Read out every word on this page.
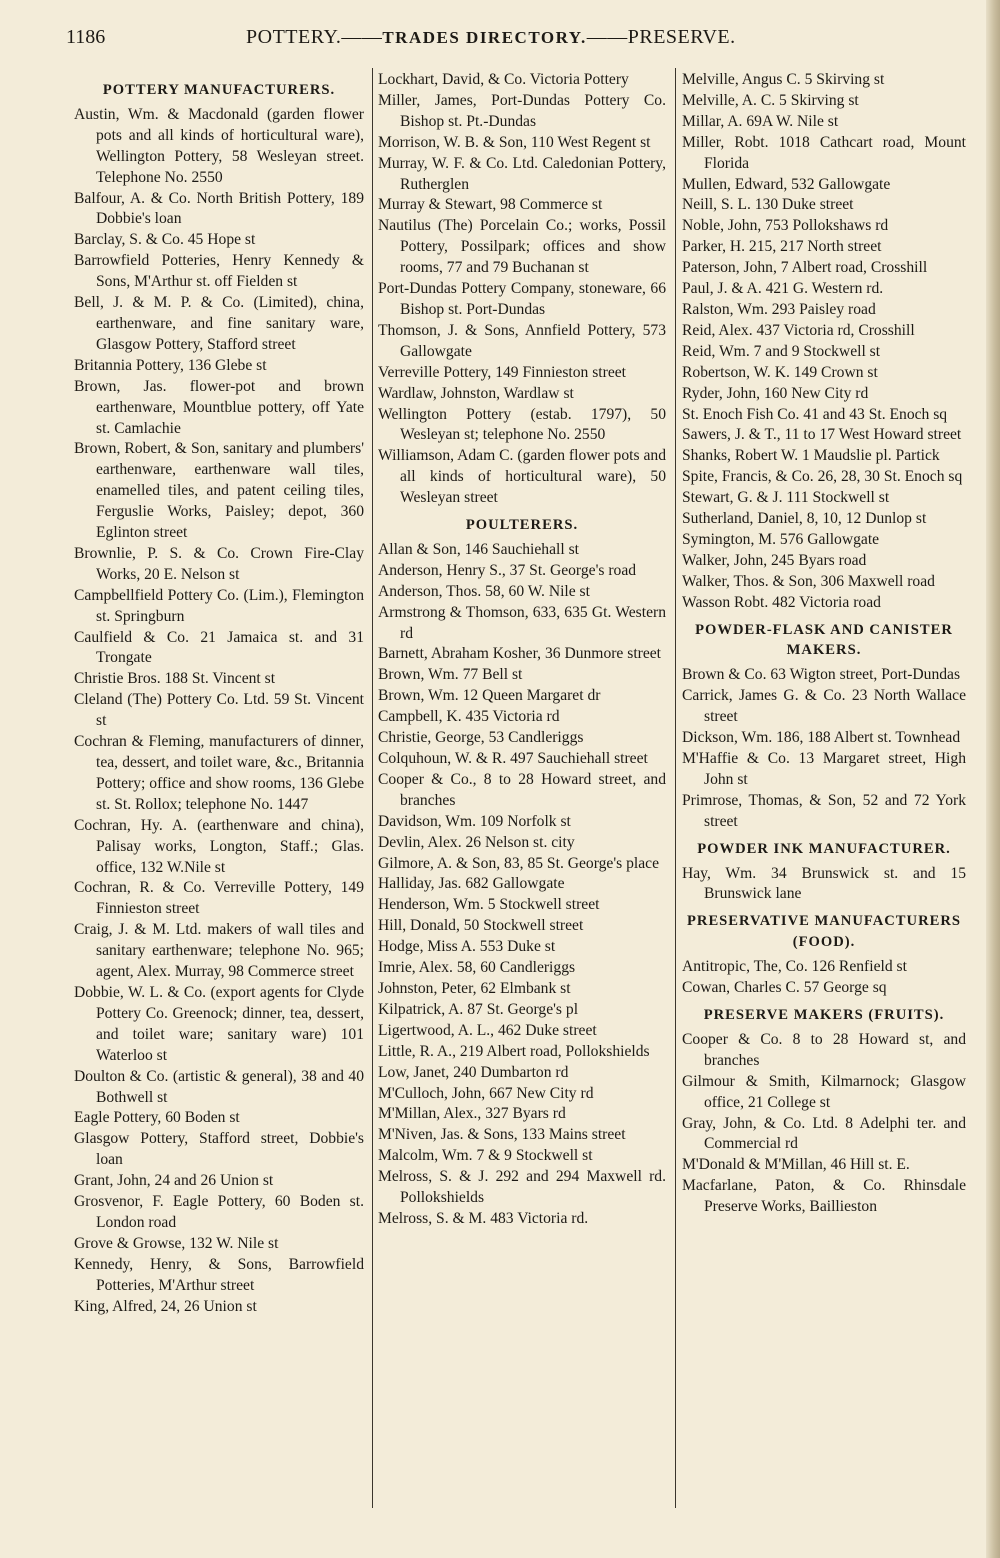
1186	POTTERY.——TRADES DIRECTORY.——PRESERVE.
POTTERY MANUFACTURERS.
Austin, Wm. & Macdonald (garden flower pots and all kinds of horticultural ware), Wellington Pottery, 58 Wesleyan street. Telephone No. 2550
Balfour, A. & Co. North British Pottery, 189 Dobbie's loan
Barclay, S. & Co. 45 Hope st
Barrowfield Potteries, Henry Kennedy & Sons, M'Arthur st. off Fielden st
Bell, J. & M. P. & Co. (Limited), china, earthenware, and fine sanitary ware, Glasgow Pottery, Stafford street
Britannia Pottery, 136 Glebe st
Brown, Jas. flower-pot and brown earthenware, Mountblue pottery, off Yate st. Camlachie
Brown, Robert, & Son, sanitary and plumbers' earthenware, earthenware wall tiles, enamelled tiles, and patent ceiling tiles, Ferguslie Works, Paisley; depot, 360 Eglinton street
Brownlie, P. S. & Co. Crown Fire-Clay Works, 20 E. Nelson st
Campbellfield Pottery Co. (Lim.), Flemington st. Springburn
Caulfield & Co. 21 Jamaica st. and 31 Trongate
Christie Bros. 188 St. Vincent st
Cleland (The) Pottery Co. Ltd. 59 St. Vincent st
Cochran & Fleming, manufacturers of dinner, tea, dessert, and toilet ware, &c., Britannia Pottery; office and show rooms, 136 Glebe st. St. Rollox; telephone No. 1447
Cochran, Hy. A. (earthenware and china), Palisay works, Longton, Staff.; Glas. office, 132 W.Nile st
Cochran, R. & Co. Verreville Pottery, 149 Finnieston street
Craig, J. & M. Ltd. makers of wall tiles and sanitary earthenware; telephone No. 965; agent, Alex. Murray, 98 Commerce street
Dobbie, W. L. & Co. (export agents for Clyde Pottery Co. Greenock; dinner, tea, dessert, and toilet ware; sanitary ware) 101 Waterloo st
Doulton & Co. (artistic & general), 38 and 40 Bothwell st
Eagle Pottery, 60 Boden st
Glasgow Pottery, Stafford street, Dobbie's loan
Grant, John, 24 and 26 Union st
Grosvenor, F. Eagle Pottery, 60 Boden st. London road
Grove & Growse, 132 W. Nile st
Kennedy, Henry, & Sons, Barrowfield Potteries, M'Arthur street
King, Alfred, 24, 26 Union st
Lockhart, David, & Co. Victoria Pottery
Miller, James, Port-Dundas Pottery Co. Bishop st. Pt.-Dundas
Morrison, W. B. & Son, 110 West Regent st
Murray, W. F. & Co. Ltd. Caledonian Pottery, Rutherglen
Murray & Stewart, 98 Commerce st
Nautilus (The) Porcelain Co.; works, Possil Pottery, Possilpark; offices and show rooms, 77 and 79 Buchanan st
Port-Dundas Pottery Company, stoneware, 66 Bishop st. Port-Dundas
Thomson, J. & Sons, Annfield Pottery, 573 Gallowgate
Verreville Pottery, 149 Finnieston street
Wardlaw, Johnston, Wardlaw st
Wellington Pottery (estab. 1797), 50 Wesleyan st; telephone No. 2550
Williamson, Adam C. (garden flower pots and all kinds of horticultural ware), 50 Wesleyan street
POULTERERS.
Allan & Son, 146 Sauchiehall st
Anderson, Henry S., 37 St. George's road
Anderson, Thos. 58, 60 W. Nile st
Armstrong & Thomson, 633, 635 Gt. Western rd
Barnett, Abraham Kosher, 36 Dunmore street
Brown, Wm. 77 Bell st
Brown, Wm. 12 Queen Margaret dr
Campbell, K. 435 Victoria rd
Christie, George, 53 Candleriggs
Colquhoun, W. & R. 497 Sauchiehall street
Cooper & Co., 8 to 28 Howard street, and branches
Davidson, Wm. 109 Norfolk st
Devlin, Alex. 26 Nelson st. city
Gilmore, A. & Son, 83, 85 St. George's place
Halliday, Jas. 682 Gallowgate
Henderson, Wm. 5 Stockwell street
Hill, Donald, 50 Stockwell street
Hodge, Miss A. 553 Duke st
Imrie, Alex. 58, 60 Candleriggs
Johnston, Peter, 62 Elmbank st
Kilpatrick, A. 87 St. George's pl
Ligertwood, A. L., 462 Duke street
Little, R. A., 219 Albert road, Pollokshields
Low, Janet, 240 Dumbarton rd
M'Culloch, John, 667 New City rd
M'Millan, Alex., 327 Byars rd
M'Niven, Jas. & Sons, 133 Mains street
Malcolm, Wm. 7 & 9 Stockwell st
Melross, S. & J. 292 and 294 Maxwell rd. Pollokshields
Melross, S. & M. 483 Victoria rd.
Melville, Angus C. 5 Skirving st
Melville, A. C. 5 Skirving st
Millar, A. 69A W. Nile st
Miller, Robt. 1018 Cathcart road, Mount Florida
Mullen, Edward, 532 Gallowgate
Neill, S. L. 130 Duke street
Noble, John, 753 Pollokshaws rd
Parker, H. 215, 217 North street
Paterson, John, 7 Albert road, Crosshill
Paul, J. & A. 421 G. Western rd.
Ralston, Wm. 293 Paisley road
Reid, Alex. 437 Victoria rd, Crosshill
Reid, Wm. 7 and 9 Stockwell st
Robertson, W. K. 149 Crown st
Ryder, John, 160 New City rd
St. Enoch Fish Co. 41 and 43 St. Enoch sq
Sawers, J. & T., 11 to 17 West Howard street
Shanks, Robert W. 1 Maudslie pl. Partick
Spite, Francis, & Co. 26, 28, 30 St. Enoch sq
Stewart, G. & J. 111 Stockwell st
Sutherland, Daniel, 8, 10, 12 Dunlop st
Symington, M. 576 Gallowgate
Walker, John, 245 Byars road
Walker, Thos. & Son, 306 Maxwell road
Wasson Robt. 482 Victoria road
POWDER-FLASK AND CANISTER MAKERS.
Brown & Co. 63 Wigton street, Port-Dundas
Carrick, James G. & Co. 23 North Wallace street
Dickson, Wm. 186, 188 Albert st. Townhead
M'Haffie & Co. 13 Margaret street, High John st
Primrose, Thomas, & Son, 52 and 72 York street
POWDER INK MANUFACTURER.
Hay, Wm. 34 Brunswick st. and 15 Brunswick lane
PRESERVATIVE MANUFACTURERS (FOOD).
Antitropic, The, Co. 126 Renfield st
Cowan, Charles C. 57 George sq
PRESERVE MAKERS (FRUITS).
Cooper & Co. 8 to 28 Howard st, and branches
Gilmour & Smith, Kilmarnock; Glasgow office, 21 College st
Gray, John, & Co. Ltd. 8 Adelphi ter. and Commercial rd
M'Donald & M'Millan, 46 Hill st. E.
Macfarlane, Paton, & Co. Rhinsdale Preserve Works, Baillieston
